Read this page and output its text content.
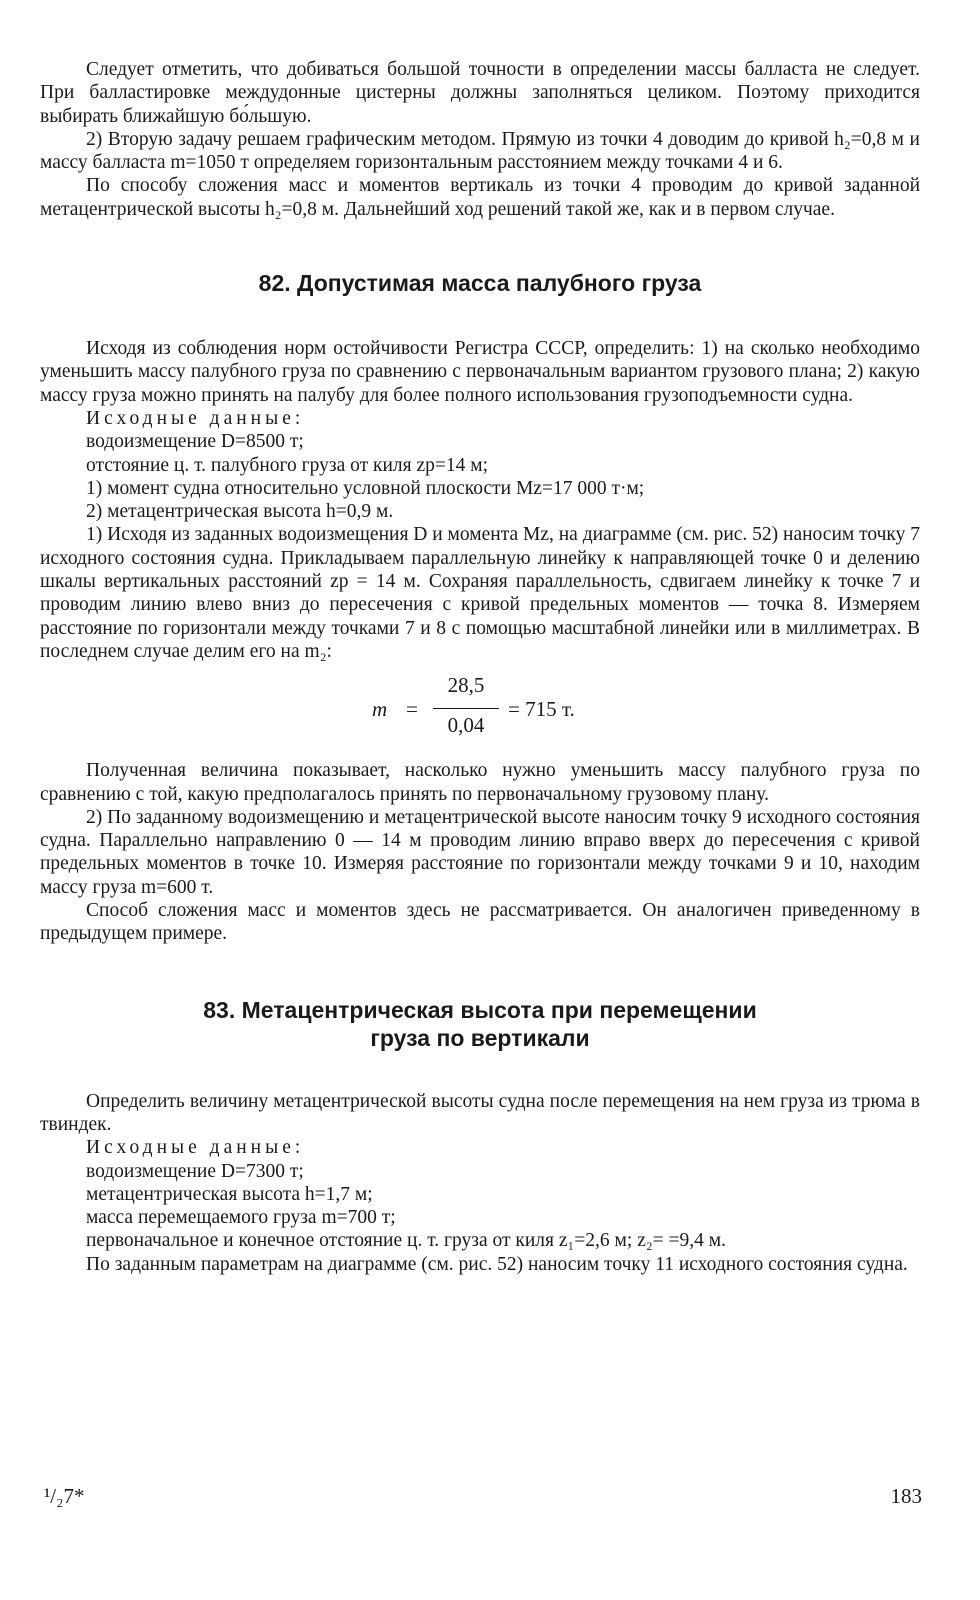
Следует отметить, что добиваться большой точности в определении массы балласта не следует. При балластировке междудонные цистерны должны заполняться целиком. Поэтому приходится выбирать ближайшую бо́льшую.

2) Вторую задачу решаем графическим методом. Прямую из точки 4 доводим до кривой h₂=0,8 м и массу балласта m=1050 т определяем горизонтальным расстоянием между точками 4 и 6.

По способу сложения масс и моментов вертикаль из точки 4 проводим до кривой заданной метацентрической высоты h₂=0,8 м. Дальнейший ход решений такой же, как и в первом случае.

82. Допустимая масса палубного груза

Исходя из соблюдения норм остойчивости Регистра СССР, определить: 1) на сколько необходимо уменьшить массу палубного груза по сравнению с первоначальным вариантом грузового плана; 2) какую массу груза можно принять на палубу для более полного использования грузоподъемности судна.

Исходные данные:

водоизмещение D=8500 т;

отстояние ц. т. палубного груза от киля zp=14 м;

1) момент судна относительно условной плоскости Mz=17 000 т·м;

2) метацентрическая высота h=0,9 м.

1) Исходя из заданных водоизмещения D и момента Mz, на диаграмме (см. рис. 52) наносим точку 7 исходного состояния судна. Прикладываем параллельную линейку к направляющей точке 0 и делению шкалы вертикальных расстояний zp = 14 м. Сохраняя параллельность, сдвигаем линейку к точке 7 и проводим линию влево вниз до пересечения с кривой предельных моментов — точка 8. Измеряем расстояние по горизонтали между точками 7 и 8 с помощью масштабной линейки или в миллиметрах. В последнем случае делим его на m₂:

m =
28,5
0,04
= 715 т.

Полученная величина показывает, насколько нужно уменьшить массу палубного груза по сравнению с той, какую предполагалось принять по первоначальному грузовому плану.

2) По заданному водоизмещению и метацентрической высоте наносим точку 9 исходного состояния судна. Параллельно направлению 0 — 14 м проводим линию вправо вверх до пересечения с кривой предельных моментов в точке 10. Измеряя расстояние по горизонтали между точками 9 и 10, находим массу груза m=600 т.

Способ сложения масс и моментов здесь не рассматривается. Он аналогичен приведенному в предыдущем примере.

83. Метацентрическая высота при перемещении
груза по вертикали

Определить величину метацентрической высоты судна после перемещения на нем груза из трюма в твиндек.

Исходные данные:

водоизмещение D=7300 т;

метацентрическая высота h=1,7 м;

масса перемещаемого груза m=700 т;

первоначальное и конечное отстояние ц. т. груза от киля z₁=2,6 м; z₂= =9,4 м.

По заданным параметрам на диаграмме (см. рис. 52) наносим точку 11 исходного состояния судна.

¹/₂7*	183
